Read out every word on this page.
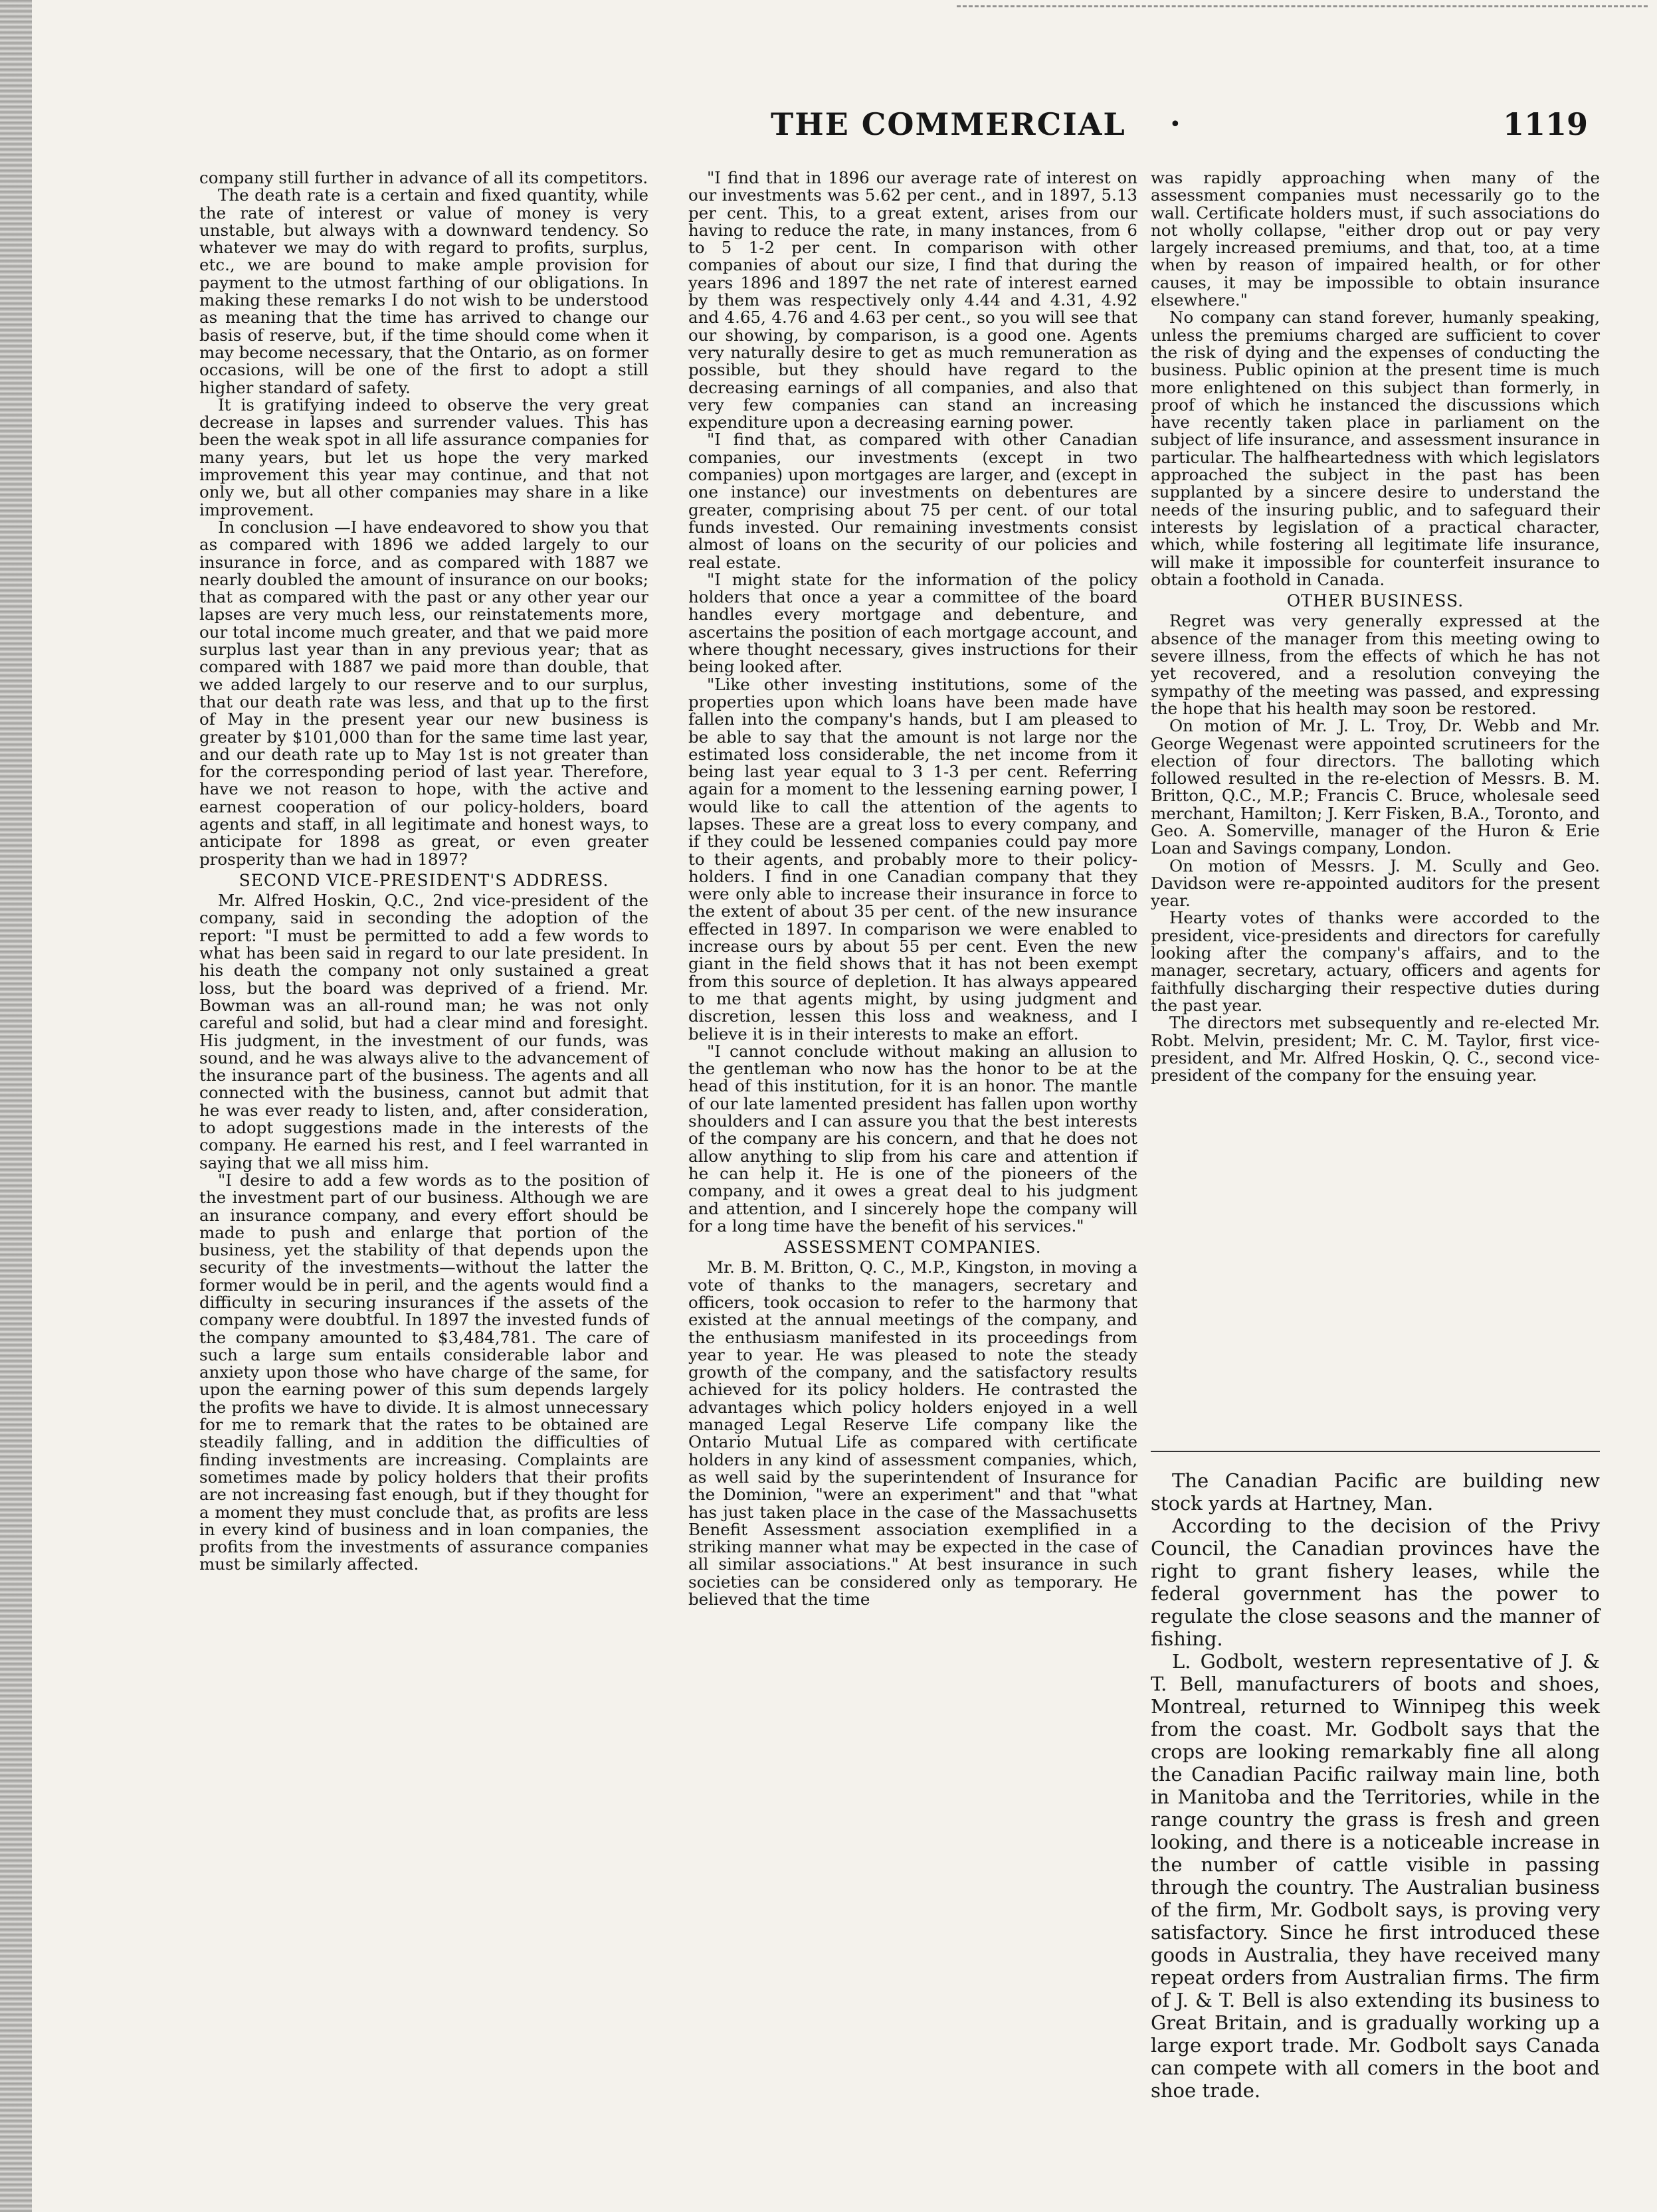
THE COMMERCIAL •	1119

company still further in advance of all its competitors.

The death rate is a certain and fixed quantity, while the rate of interest or value of money is very unstable, but always with a downward tendency. So whatever we may do with regard to profits, surplus, etc., we are bound to make ample provision for payment to the utmost farthing of our obligations. In making these remarks I do not wish to be understood as meaning that the time has arrived to change our basis of reserve, but, if the time should come when it may become necessary, that the Ontario, as on former occasions, will be one of the first to adopt a still higher standard of safety.

It is gratifying indeed to observe the very great decrease in lapses and surrender values. This has been the weak spot in all life assurance companies for many years, but let us hope the very marked improvement this year may continue, and that not only we, but all other companies may share in a like improvement.

In conclusion —I have endeavored to show you that as compared with 1896 we added largely to our insurance in force, and as compared with 1887 we nearly doubled the amount of insurance on our books; that as compared with the past or any other year our lapses are very much less, our reinstatements more, our total income much greater, and that we paid more surplus last year than in any previous year; that as compared with 1887 we paid more than double, that we added largely to our reserve and to our surplus, that our death rate was less, and that up to the first of May in the present year our new business is greater by $101,000 than for the same time last year, and our death rate up to May 1st is not greater than for the corresponding period of last year. Therefore, have we not reason to hope, with the active and earnest cooperation of our policy-holders, board agents and staff, in all legitimate and honest ways, to anticipate for 1898 as great, or even greater prosperity than we had in 1897?

SECOND VICE-PRESIDENT'S ADDRESS.

Mr. Alfred Hoskin, Q.C., 2nd vice-president of the company, said in seconding the adoption of the report: "I must be permitted to add a few words to what has been said in regard to our late president. In his death the company not only sustained a great loss, but the board was deprived of a friend. Mr. Bowman was an all-round man; he was not only careful and solid, but had a clear mind and foresight. His judgment, in the investment of our funds, was sound, and he was always alive to the advancement of the insurance part of the business. The agents and all connected with the business, cannot but admit that he was ever ready to listen, and, after consideration, to adopt suggestions made in the interests of the company. He earned his rest, and I feel warranted in saying that we all miss him.

"I desire to add a few words as to the position of the investment part of our business. Although we are an insurance company, and every effort should be made to push and enlarge that portion of the business, yet the stability of that depends upon the security of the investments—without the latter the former would be in peril, and the agents would find a difficulty in securing insurances if the assets of the company were doubtful. In 1897 the invested funds of the company amounted to $3,484,781. The care of such a large sum entails considerable labor and anxiety upon those who have charge of the same, for upon the earning power of this sum depends largely the profits we have to divide. It is almost unnecessary for me to remark that the rates to be obtained are steadily falling, and in addition the difficulties of finding investments are increasing. Complaints are sometimes made by policy holders that their profits are not increasing fast enough, but if they thought for a moment they must conclude that, as profits are less in every kind of business and in loan companies, the profits from the investments of assurance companies must be similarly affected.

"I find that in 1896 our average rate of interest on our investments was 5.62 per cent., and in 1897, 5.13 per cent. This, to a great extent, arises from our having to reduce the rate, in many instances, from 6 to 5 1-2 per cent. In comparison with other companies of about our size, I find that during the years 1896 and 1897 the net rate of interest earned by them was respectively only 4.44 and 4.31, 4.92 and 4.65, 4.76 and 4.63 per cent., so you will see that our showing, by comparison, is a good one. Agents very naturally desire to get as much remuneration as possible, but they should have regard to the decreasing earnings of all companies, and also that very few companies can stand an increasing expenditure upon a decreasing earning power.

"I find that, as compared with other Canadian companies, our investments (except in two companies) upon mortgages are larger, and (except in one instance) our investments on debentures are greater, comprising about 75 per cent. of our total funds invested. Our remaining investments consist almost of loans on the security of our policies and real estate.

"I might state for the information of the policy holders that once a year a committee of the board handles every mortgage and debenture, and ascertains the position of each mortgage account, and where thought necessary, gives instructions for their being looked after.

"Like other investing institutions, some of the properties upon which loans have been made have fallen into the company's hands, but I am pleased to be able to say that the amount is not large nor the estimated loss considerable, the net income from it being last year equal to 3 1-3 per cent. Referring again for a moment to the lessening earning power, I would like to call the attention of the agents to lapses. These are a great loss to every company, and if they could be lessened companies could pay more to their agents, and probably more to their policy-holders. I find in one Canadian company that they were only able to increase their insurance in force to the extent of about 35 per cent. of the new insurance effected in 1897. In comparison we were enabled to increase ours by about 55 per cent. Even the new giant in the field shows that it has not been exempt from this source of depletion. It has always appeared to me that agents might, by using judgment and discretion, lessen this loss and weakness, and I believe it is in their interests to make an effort.

"I cannot conclude without making an allusion to the gentleman who now has the honor to be at the head of this institution, for it is an honor. The mantle of our late lamented president has fallen upon worthy shoulders and I can assure you that the best interests of the company are his concern, and that he does not allow anything to slip from his care and attention if he can help it. He is one of the pioneers of the company, and it owes a great deal to his judgment and attention, and I sincerely hope the company will for a long time have the benefit of his services."

ASSESSMENT COMPANIES.

Mr. B. M. Britton, Q. C., M.P., Kingston, in moving a vote of thanks to the managers, secretary and officers, took occasion to refer to the harmony that existed at the annual meetings of the company, and the enthusiasm manifested in its proceedings from year to year. He was pleased to note the steady growth of the company, and the satisfactory results achieved for its policy holders. He contrasted the advantages which policy holders enjoyed in a well managed Legal Reserve Life company like the Ontario Mutual Life as compared with certificate holders in any kind of assessment companies, which, as well said by the superintendent of Insurance for the Dominion, "were an experiment" and that "what has just taken place in the case of the Massachusetts Benefit Assessment association exemplified in a striking manner what may be expected in the case of all similar associations." At best insurance in such societies can be considered only as temporary. He believed that the time

was rapidly approaching when many of the assessment companies must necessarily go to the wall. Certificate holders must, if such associations do not wholly collapse, "either drop out or pay very largely increased premiums, and that, too, at a time when by reason of impaired health, or for other causes, it may be impossible to obtain insurance elsewhere."

No company can stand forever, humanly speaking, unless the premiums charged are sufficient to cover the risk of dying and the expenses of conducting the business. Public opinion at the present time is much more enlightened on this subject than formerly, in proof of which he instanced the discussions which have recently taken place in parliament on the subject of life insurance, and assessment insurance in particular. The halfheartedness with which legislators approached the subject in the past has been supplanted by a sincere desire to understand the needs of the insuring public, and to safeguard their interests by legislation of a practical character, which, while fostering all legitimate life insurance, will make it impossible for counterfeit insurance to obtain a foothold in Canada.

OTHER BUSINESS.

Regret was very generally expressed at the absence of the manager from this meeting owing to severe illness, from the effects of which he has not yet recovered, and a resolution conveying the sympathy of the meeting was passed, and expressing the hope that his health may soon be restored.

On motion of Mr. J. L. Troy, Dr. Webb and Mr. George Wegenast were appointed scrutineers for the election of four directors. The balloting which followed resulted in the re-election of Messrs. B. M. Britton, Q.C., M.P.; Francis C. Bruce, wholesale seed merchant, Hamilton; J. Kerr Fisken, B.A., Toronto, and Geo. A. Somerville, manager of the Huron & Erie Loan and Savings company, London.

On motion of Messrs. J. M. Scully and Geo. Davidson were re-appointed auditors for the present year.

Hearty votes of thanks were accorded to the president, vice-presidents and directors for carefully looking after the company's affairs, and to the manager, secretary, actuary, officers and agents for faithfully discharging their respective duties during the past year.

The directors met subsequently and re-elected Mr. Robt. Melvin, president; Mr. C. M. Taylor, first vice-president, and Mr. Alfred Hoskin, Q. C., second vice-president of the company for the ensuing year.

The Canadian Pacific are building new stock yards at Hartney, Man.

According to the decision of the Privy Council, the Canadian provinces have the right to grant fishery leases, while the federal government has the power to regulate the close seasons and the manner of fishing.

L. Godbolt, western representative of J. & T. Bell, manufacturers of boots and shoes, Montreal, returned to Winnipeg this week from the coast. Mr. Godbolt says that the crops are looking remarkably fine all along the Canadian Pacific railway main line, both in Manitoba and the Territories, while in the range country the grass is fresh and green looking, and there is a noticeable increase in the number of cattle visible in passing through the country. The Australian business of the firm, Mr. Godbolt says, is proving very satisfactory. Since he first introduced these goods in Australia, they have received many repeat orders from Australian firms. The firm of J. & T. Bell is also extending its business to Great Britain, and is gradually working up a large export trade. Mr. Godbolt says Canada can compete with all comers in the boot and shoe trade.
